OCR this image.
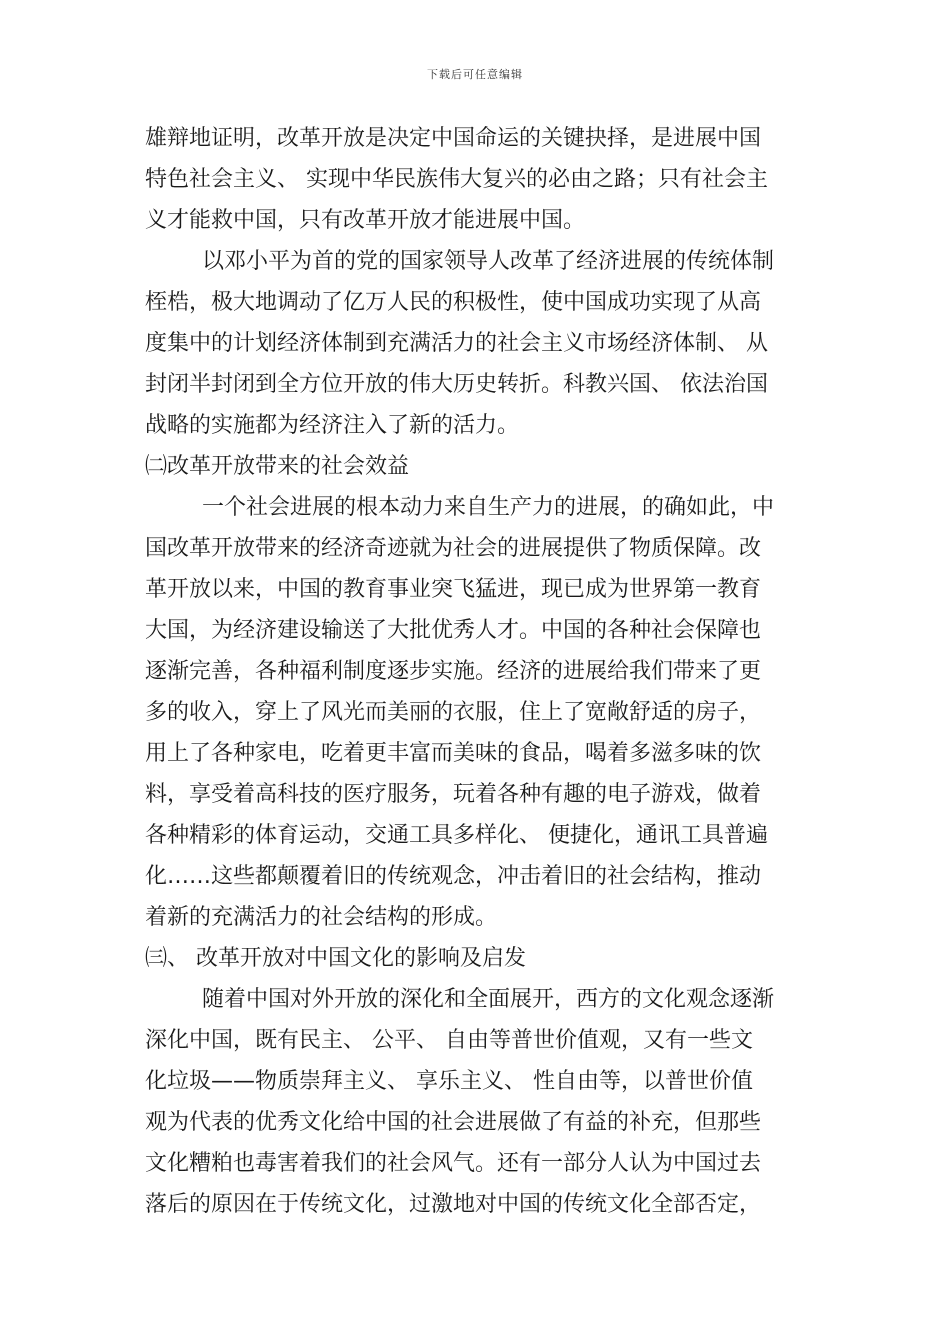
下载后可任意编辑
雄辩地证明，改革开放是决定中国命运的关键抉择，是进展中国
特色社会主义、 实现中华民族伟大复兴的必由之路；只有社会主
义才能救中国，只有改革开放才能进展中国。
以邓小平为首的党的国家领导人改革了经济进展的传统体制
桎梏，极大地调动了亿万人民的积极性，使中国成功实现了从高
度集中的计划经济体制到充满活力的社会主义市场经济体制、 从
封闭半封闭到全方位开放的伟大历史转折。科教兴国、 依法治国
战略的实施都为经济注入了新的活力。
㈡改革开放带来的社会效益
一个社会进展的根本动力来自生产力的进展，的确如此，中
国改革开放带来的经济奇迹就为社会的进展提供了物质保障。改
革开放以来，中国的教育事业突飞猛进，现已成为世界第一教育
大国，为经济建设输送了大批优秀人才。中国的各种社会保障也
逐渐完善，各种福利制度逐步实施。经济的进展给我们带来了更
多的收入，穿上了风光而美丽的衣服，住上了宽敞舒适的房子，
用上了各种家电，吃着更丰富而美味的食品，喝着多滋多味的饮
料，享受着高科技的医疗服务，玩着各种有趣的电子游戏，做着
各种精彩的体育运动，交通工具多样化、 便捷化，通讯工具普遍
化……这些都颠覆着旧的传统观念，冲击着旧的社会结构，推动
着新的充满活力的社会结构的形成。
㈢、 改革开放对中国文化的影响及启发
随着中国对外开放的深化和全面展开，西方的文化观念逐渐
深化中国，既有民主、 公平、 自由等普世价值观，又有一些文
化垃圾——物质崇拜主义、 享乐主义、 性自由等，以普世价值
观为代表的优秀文化给中国的社会进展做了有益的补充，但那些
文化糟粕也毒害着我们的社会风气。还有一部分人认为中国过去
落后的原因在于传统文化，过激地对中国的传统文化全部否定，
